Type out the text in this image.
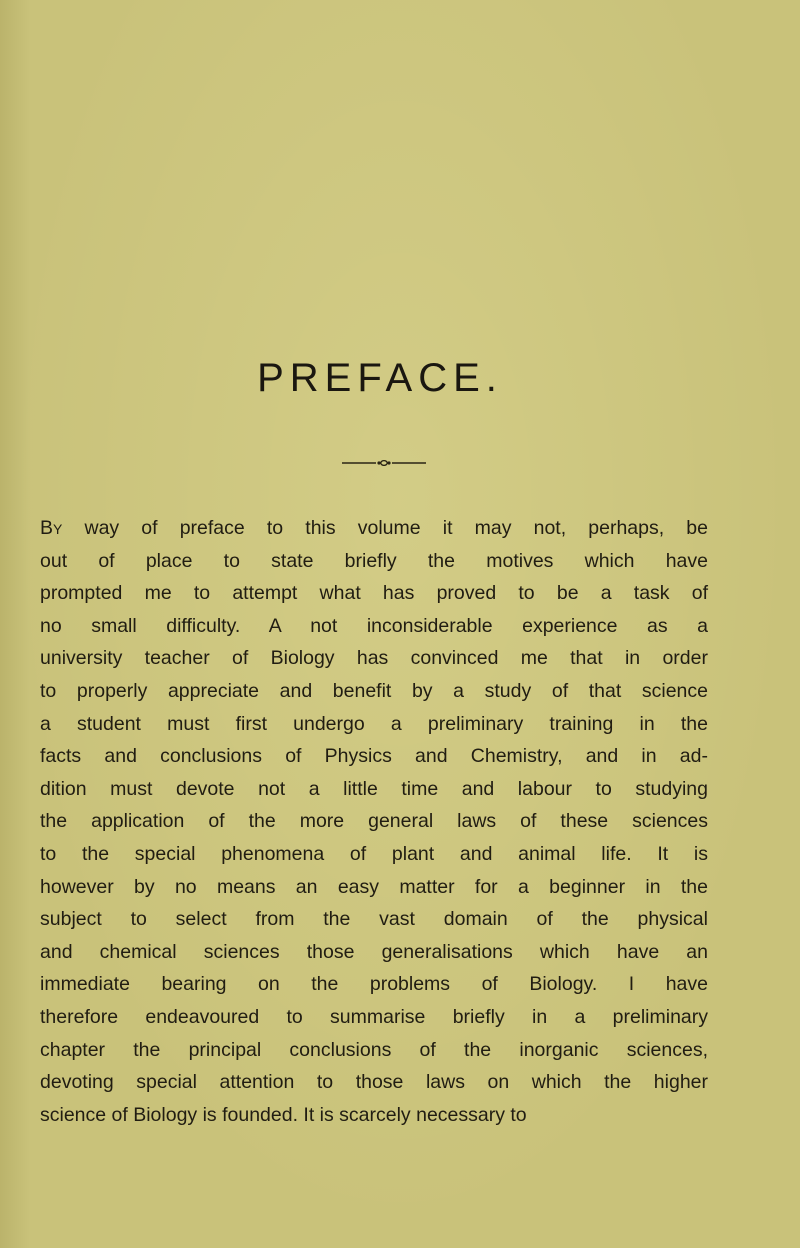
PREFACE.
By way of preface to this volume it may not, perhaps, be
out of place to state briefly the motives which have
prompted me to attempt what has proved to be a task of
no small difficulty. A not inconsiderable experience as a
university teacher of Biology has convinced me that in order
to properly appreciate and benefit by a study of that science
a student must first undergo a preliminary training in the
facts and conclusions of Physics and Chemistry, and in ad-
dition must devote not a little time and labour to studying
the application of the more general laws of these sciences
to the special phenomena of plant and animal life. It is
however by no means an easy matter for a beginner in the
subject to select from the vast domain of the physical
and chemical sciences those generalisations which have an
immediate bearing on the problems of Biology. I have
therefore endeavoured to summarise briefly in a preliminary
chapter the principal conclusions of the inorganic sciences,
devoting special attention to those laws on which the higher
science of Biology is founded. It is scarcely necessary to
